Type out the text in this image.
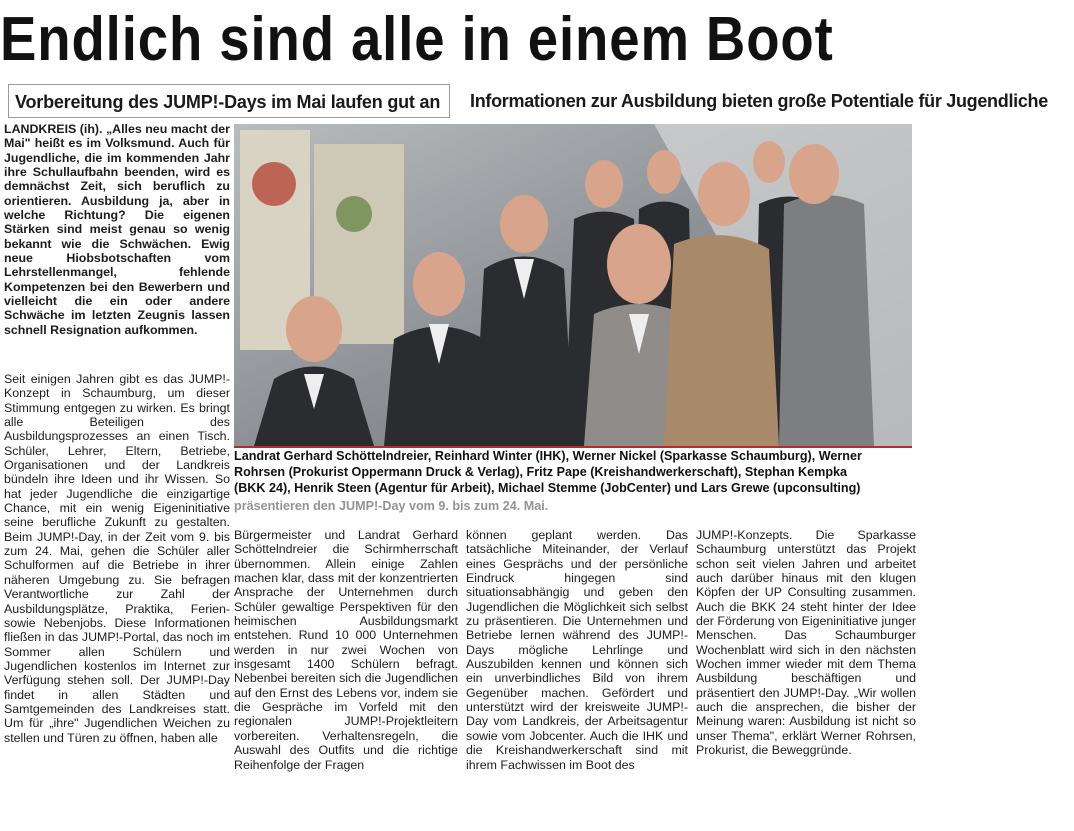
Endlich sind alle in einem Boot
Vorbereitung des JUMP!-Days im Mai laufen gut an	Informationen zur Ausbildung bieten große Potentiale für Jugendliche

LANDKREIS (ih). „Alles neu macht der Mai" heißt es im Volksmund. Auch für Jugendliche, die im kommenden Jahr ihre Schullaufbahn beenden, wird es demnächst Zeit, sich beruflich zu orientieren. Ausbildung ja, aber in welche Richtung? Die eigenen Stärken sind meist genau so wenig bekannt wie die Schwächen. Ewig neue Hiobsbotschaften vom Lehrstellenmangel, fehlende Kompetenzen bei den Bewerbern und vielleicht die ein oder andere Schwäche im letzten Zeugnis lassen schnell Resignation aufkommen.

Seit einigen Jahren gibt es das JUMP!-Konzept in Schaumburg, um dieser Stimmung entgegen zu wirken. Es bringt alle Beteiligen des Ausbildungsprozesses an einen Tisch. Schüler, Lehrer, Eltern, Betriebe, Organisationen und der Landkreis bündeln ihre Ideen und ihr Wissen. So hat jeder Jugendliche die einzigartige Chance, mit ein wenig Eigeninitiative seine berufliche Zukunft zu gestalten. Beim JUMP!-Day, in der Zeit vom 9. bis zum 24. Mai, gehen die Schüler aller Schulformen auf die Betriebe in ihrer näheren Umgebung zu. Sie befragen Verantwortliche zur Zahl der Ausbildungsplätze, Praktika, Ferien- sowie Nebenjobs. Diese Informationen fließen in das JUMP!-Portal, das noch im Sommer allen Schülern und Jugendlichen kostenlos im Internet zur Verfügung stehen soll. Der JUMP!-Day findet in allen Städten und Samtgemeinden des Landkreises statt. Um für „ihre" Jugendlichen Weichen zu stellen und Türen zu öffnen, haben alle

Landrat Gerhard Schöttelndreier, Reinhard Winter (IHK), Werner Nickel (Sparkasse Schaumburg), Werner
Rohrsen (Prokurist Oppermann Druck & Verlag), Fritz Pape (Kreishandwerkerschaft), Stephan Kempka
(BKK 24), Henrik Steen (Agentur für Arbeit), Michael Stemme (JobCenter) und Lars Grewe (upconsulting)
präsentieren den JUMP!-Day vom 9. bis zum 24. Mai.

Bürgermeister und Landrat Gerhard Schöttelndreier die Schirmherrschaft übernommen. Allein einige Zahlen machen klar, dass mit der konzentrierten Ansprache der Unternehmen durch Schüler gewaltige Perspektiven für den heimischen Ausbildungsmarkt entstehen. Rund 10 000 Unternehmen werden in nur zwei Wochen von insgesamt 1400 Schülern befragt. Nebenbei bereiten sich die Jugendlichen auf den Ernst des Lebens vor, indem sie die Gespräche im Vorfeld mit den regionalen JUMP!-Projektleitern vorbereiten. Verhaltensregeln, die Auswahl des Outfits und die richtige Reihenfolge der Fragen

können geplant werden. Das tatsächliche Miteinander, der Verlauf eines Gesprächs und der persönliche Eindruck hingegen sind situationsabhängig und geben den Jugendlichen die Möglichkeit sich selbst zu präsentieren. Die Unternehmen und Betriebe lernen während des JUMP!-Days mögliche Lehrlinge und Auszubilden kennen und können sich ein unverbindliches Bild von ihrem Gegenüber machen. Gefördert und unterstützt wird der kreisweite JUMP!-Day vom Landkreis, der Arbeitsagentur sowie vom Jobcenter. Auch die IHK und die Kreishandwerkerschaft sind mit ihrem Fachwissen im Boot des

JUMP!-Konzepts. Die Sparkasse Schaumburg unterstützt das Projekt schon seit vielen Jahren und arbeitet auch darüber hinaus mit den klugen Köpfen der UP Consulting zusammen. Auch die BKK 24 steht hinter der Idee der Förderung von Eigeninitiative junger Menschen. Das Schaumburger Wochenblatt wird sich in den nächsten Wochen immer wieder mit dem Thema Ausbildung beschäftigen und präsentiert den JUMP!-Day. „Wir wollen auch die ansprechen, die bisher der Meinung waren: Ausbildung ist nicht so unser Thema", erklärt Werner Rohrsen, Prokurist, die Beweggründe.
